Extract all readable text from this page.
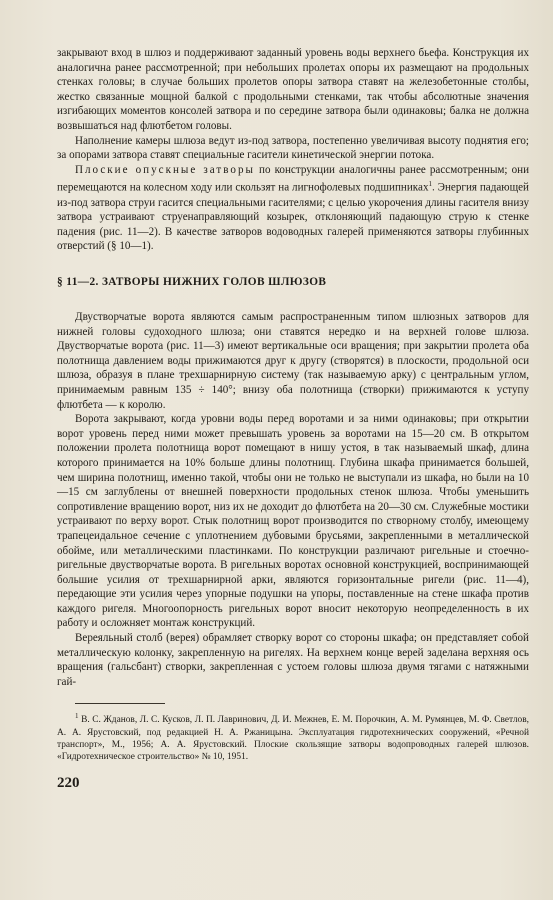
закрывают вход в шлюз и поддерживают заданный уровень воды верхнего бьефа. Конструкция их аналогична ранее рассмотренной; при небольших пролетах опоры их размещают на продольных стенках головы; в случае больших пролетов опоры затвора ставят на железобетонные столбы, жестко связанные мощной балкой с продольными стенками, так чтобы абсолютные значения изгибающих моментов консолей затвора и по середине затвора были одинаковы; балка не должна возвышаться над флютбетом головы.

Наполнение камеры шлюза ведут из-под затвора, постепенно увеличивая высоту поднятия его; за опорами затвора ставят специальные гасители кинетической энергии потока.

Плоские опускные затворы по конструкции аналогичны ранее рассмотренным; они перемещаются на колесном ходу или скользят на лигнофолевых подшипниках$^1$. Энергия падающей из-под затвора струи гасится специальными гасителями; с целью укорочения длины гасителя внизу затвора устраивают струенаправляющий козырек, отклоняющий падающую струю к стенке падения (рис. 11—2). В качестве затворов водоводных галерей применяются затворы глубинных отверстий (§ 10—1).

§ 11—2. ЗАТВОРЫ НИЖНИХ ГОЛОВ ШЛЮЗОВ

Двустворчатые ворота являются самым распространенным типом шлюзных затворов для нижней головы судоходного шлюза; они ставятся нередко и на верхней голове шлюза. Двустворчатые ворота (рис. 11—3) имеют вертикальные оси вращения; при закрытии пролета оба полотнища давлением воды прижимаются друг к другу (створятся) в плоскости, продольной оси шлюза, образуя в плане трехшарнирную систему (так называемую арку) с центральным углом, принимаемым равным 135 ÷ 140°; внизу оба полотнища (створки) прижимаются к уступу флютбета — к королю.

Ворота закрывают, когда уровни воды перед воротами и за ними одинаковы; при открытии ворот уровень перед ними может превышать уровень за воротами на 15—20 см. В открытом положении пролета полотнища ворот помещают в нишу устоя, в так называемый шкаф, длина которого принимается на 10% больше длины полотнищ. Глубина шкафа принимается большей, чем ширина полотнищ, именно такой, чтобы они не только не выступали из шкафа, но были на 10—15 см заглублены от внешней поверхности продольных стенок шлюза. Чтобы уменьшить сопротивление вращению ворот, низ их не доходит до флютбета на 20—30 см. Служебные мостики устраивают по верху ворот. Стык полотнищ ворот производится по створному столбу, имеющему трапецеидальное сечение с уплотнением дубовыми брусьями, закрепленными в металлической обойме, или металлическими пластинками. По конструкции различают ригельные и стоечно-ригельные двустворчатые ворота. В ригельных воротах основной конструкцией, воспринимающей большие усилия от трехшарнирной арки, являются горизонтальные ригели (рис. 11—4), передающие эти усилия через упорные подушки на упоры, поставленные на стене шкафа против каждого ригеля. Многоопорность ригельных ворот вносит некоторую неопределенность в их работу и осложняет монтаж конструкций.

Вереяльный столб (верея) обрамляет створку ворот со стороны шкафа; он представляет собой металлическую колонку, закрепленную на ригелях. На верхнем конце верей заделана верхняя ось вращения (гальсбант) створки, закрепленная с устоем головы шлюза двумя тягами с натяжными гай-

$^1$ В. С. Жданов, Л. С. Кусков, Л. П. Лавринович, Д. И. Межнев, Е. М. Порочкин, А. М. Румянцев, М. Ф. Светлов, А. А. Ярустовский, под редакцией Н. А. Ржаницына. Эксплуатация гидротехнических сооружений, «Речной транспорт», М., 1956; А. А. Ярустовский. Плоские скользящие затворы водопроводных галерей шлюзов. «Гидротехническое строительство» № 10, 1951.

220
